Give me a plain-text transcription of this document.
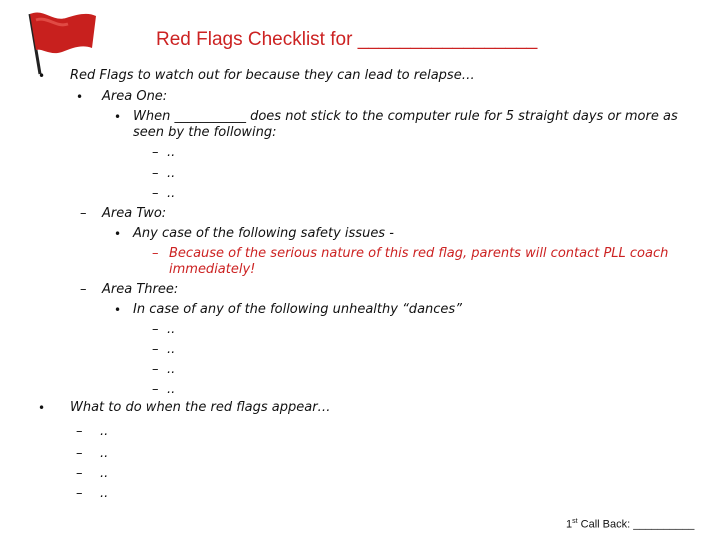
Red Flags Checklist for _________________
• Red Flags to watch out for because they can lead to relapse…
• Area One:
• When ___________ does not stick to the computer rule for 5 straight days or more as
seen by the following:
– ..
– ..
– ..
– Area Two:
• Any case of the following safety issues -
– Because of the serious nature of this red flag, parents will contact PLL coach
immediately!
– Area Three:
• In case of any of the following unhealthy “dances”
– ..
– ..
– ..
– ..
• What to do when the red flags appear…
– ..
– ..
– ..
– ..
1st Call Back: __________
